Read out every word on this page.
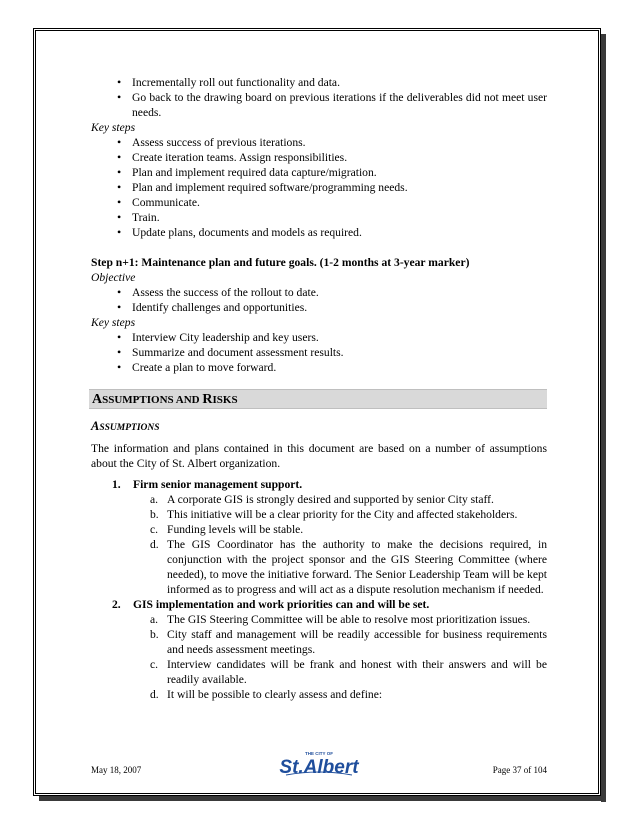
• Incrementally roll out functionality and data.
• Go back to the drawing board on previous iterations if the deliverables did not meet user needs.
Key steps
• Assess success of previous iterations.
• Create iteration teams. Assign responsibilities.
• Plan and implement required data capture/migration.
• Plan and implement required software/programming needs.
• Communicate.
• Train.
• Update plans, documents and models as required.
Step n+1: Maintenance plan and future goals. (1-2 months at 3-year marker)
Objective
• Assess the success of the rollout to date.
• Identify challenges and opportunities.
Key steps
• Interview City leadership and key users.
• Summarize and document assessment results.
• Create a plan to move forward.
ASSUMPTIONS AND RISKS
ASSUMPTIONS
The information and plans contained in this document are based on a number of assumptions about the City of St. Albert organization.
1. Firm senior management support.
a. A corporate GIS is strongly desired and supported by senior City staff.
b. This initiative will be a clear priority for the City and affected stakeholders.
c. Funding levels will be stable.
d. The GIS Coordinator has the authority to make the decisions required, in conjunction with the project sponsor and the GIS Steering Committee (where needed), to move the initiative forward. The Senior Leadership Team will be kept informed as to progress and will act as a dispute resolution mechanism if needed.
2. GIS implementation and work priorities can and will be set.
a. The GIS Steering Committee will be able to resolve most prioritization issues.
b. City staff and management will be readily accessible for business requirements and needs assessment meetings.
c. Interview candidates will be frank and honest with their answers and will be readily available.
d. It will be possible to clearly assess and define:
May 18, 2007
THE CITY OF
St.Albert	Page 37 of 104
